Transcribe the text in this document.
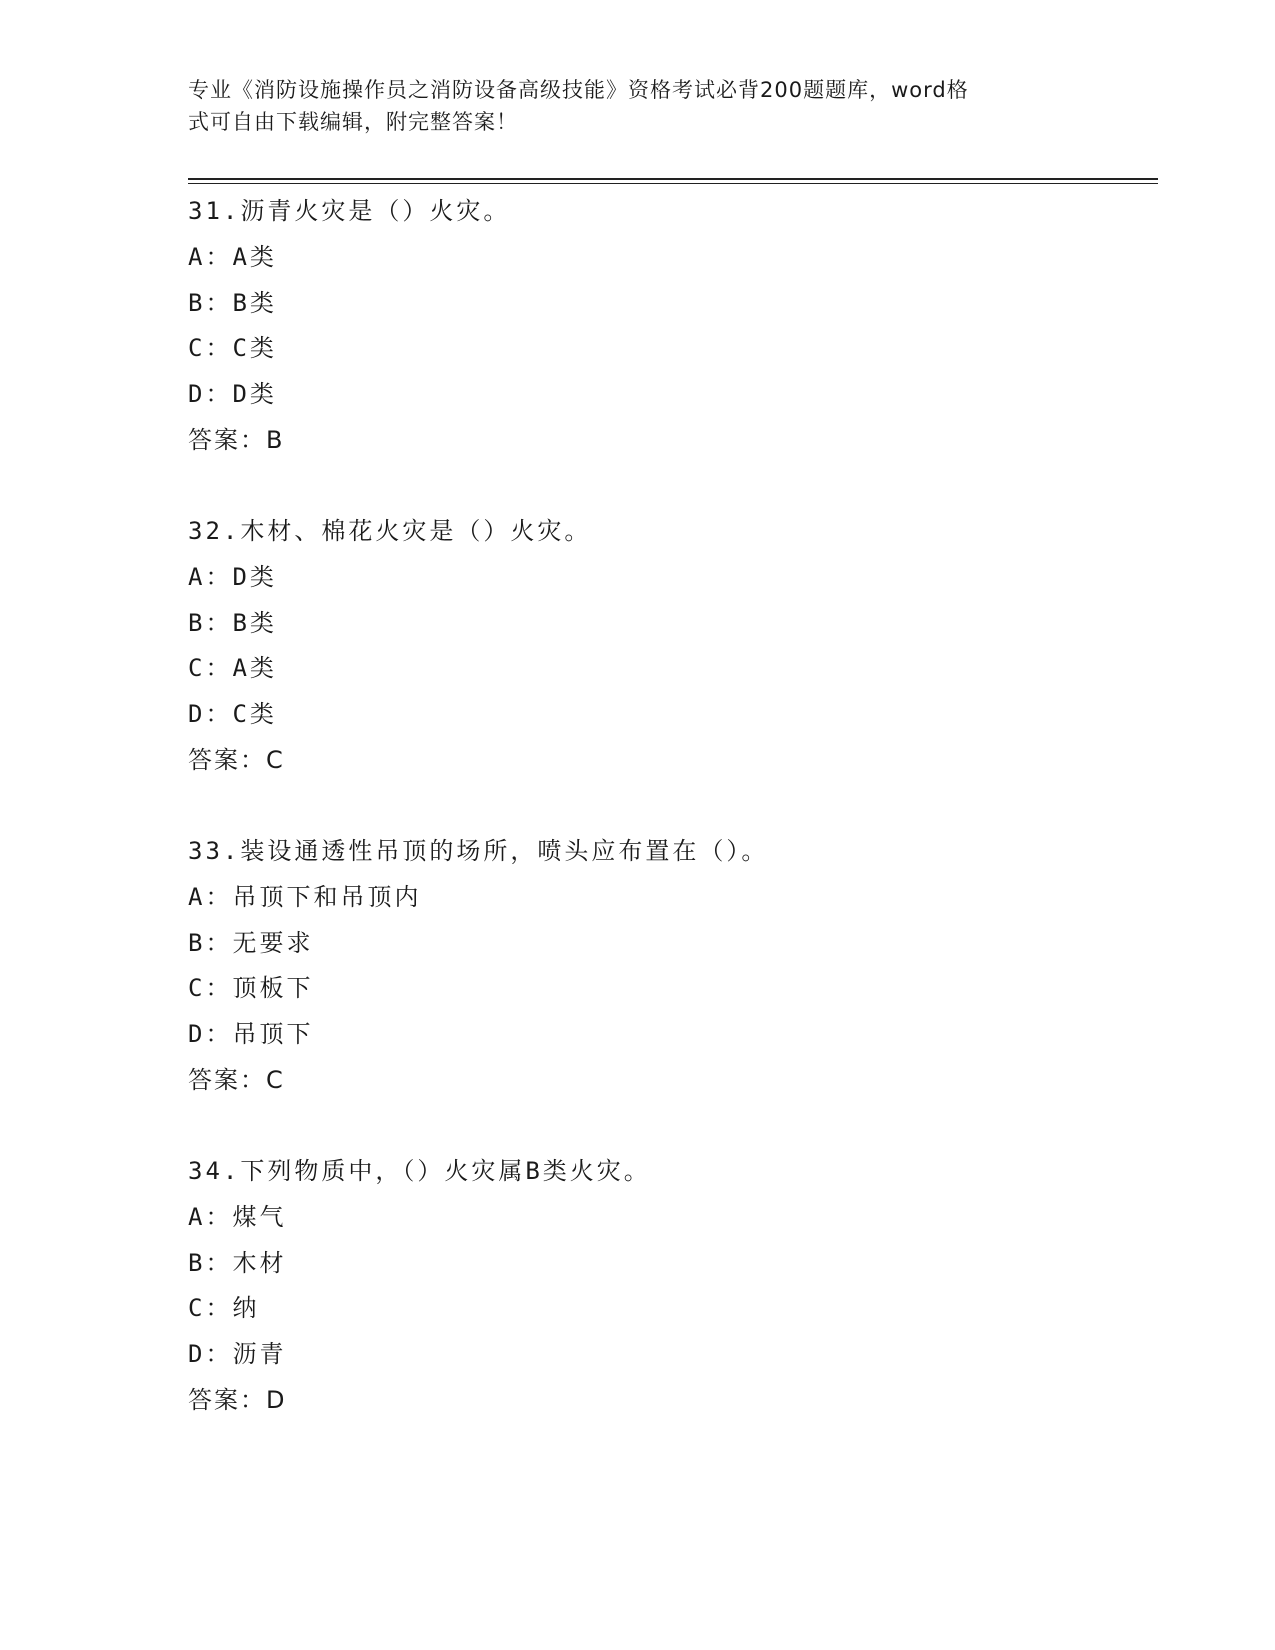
专业《消防设施操作员之消防设备高级技能》资格考试必背200题题库，word格
式可自由下载编辑，附完整答案！
31.沥青火灾是（）火灾。
A：A类
B：B类
C：C类
D：D类
答案：B
32.木材、棉花火灾是（）火灾。
A：D类
B：B类
C：A类
D：C类
答案：C
33.装设通透性吊顶的场所，喷头应布置在（）。
A：吊顶下和吊顶内
B：无要求
C：顶板下
D：吊顶下
答案：C
34.下列物质中，（）火灾属B类火灾。
A：煤气
B：木材
C：纳
D：沥青
答案：D
